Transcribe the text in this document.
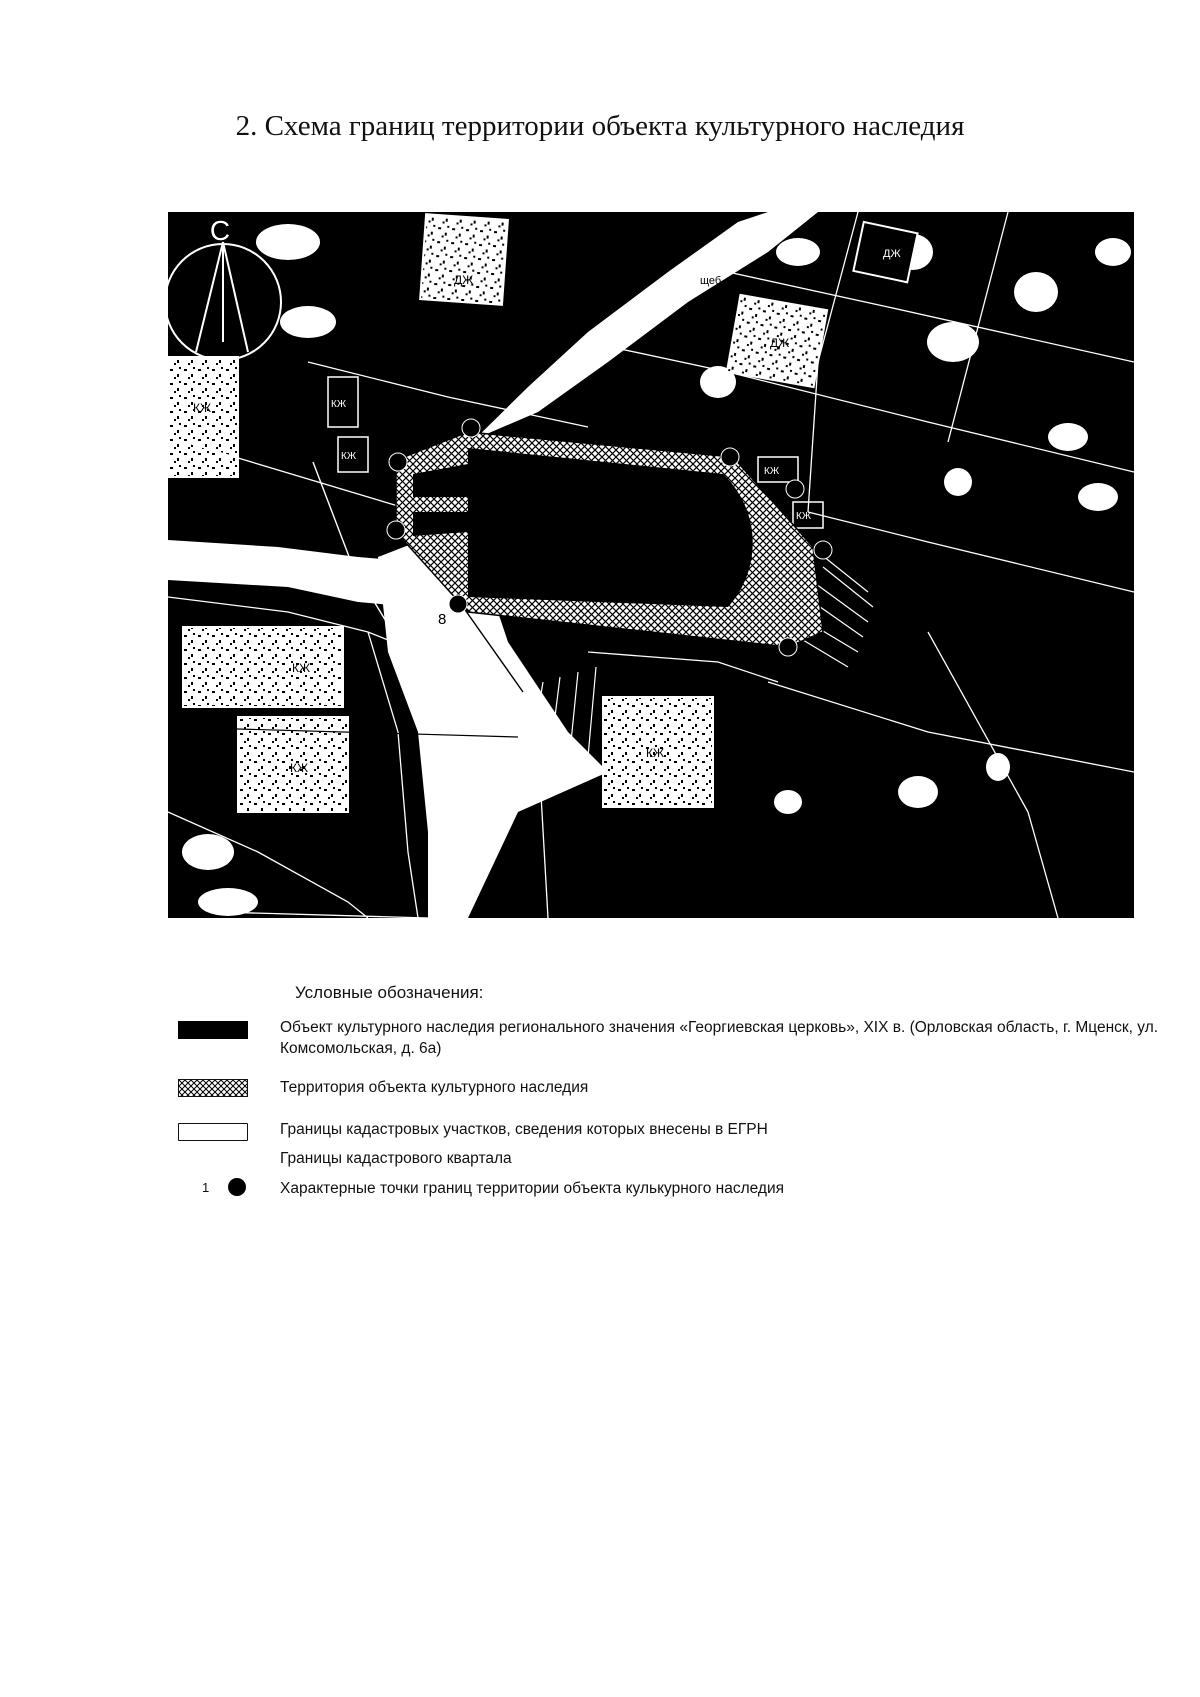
2. Схема границ территории объекта культурного наследия
С
1
2
3
8
щеб
щеб
ДЖ
ДЖ
ДЖ
КЖ
КЖ
КЖ
КЖ
КЖ
КЖ
КЖ
КЖ
Условные обозначения:
Объект культурного наследия регионального значения «Георгиевская церковь», XIX в. (Орловская область, г. Мценск, ул. Комсомольская, д. 6а)
Территория объекта культурного наследия
Границы кадастровых участков, сведения которых внесены в ЕГРН
Границы кадастрового квартала
1	Характерные точки границ территории объекта кулькурного наследия
